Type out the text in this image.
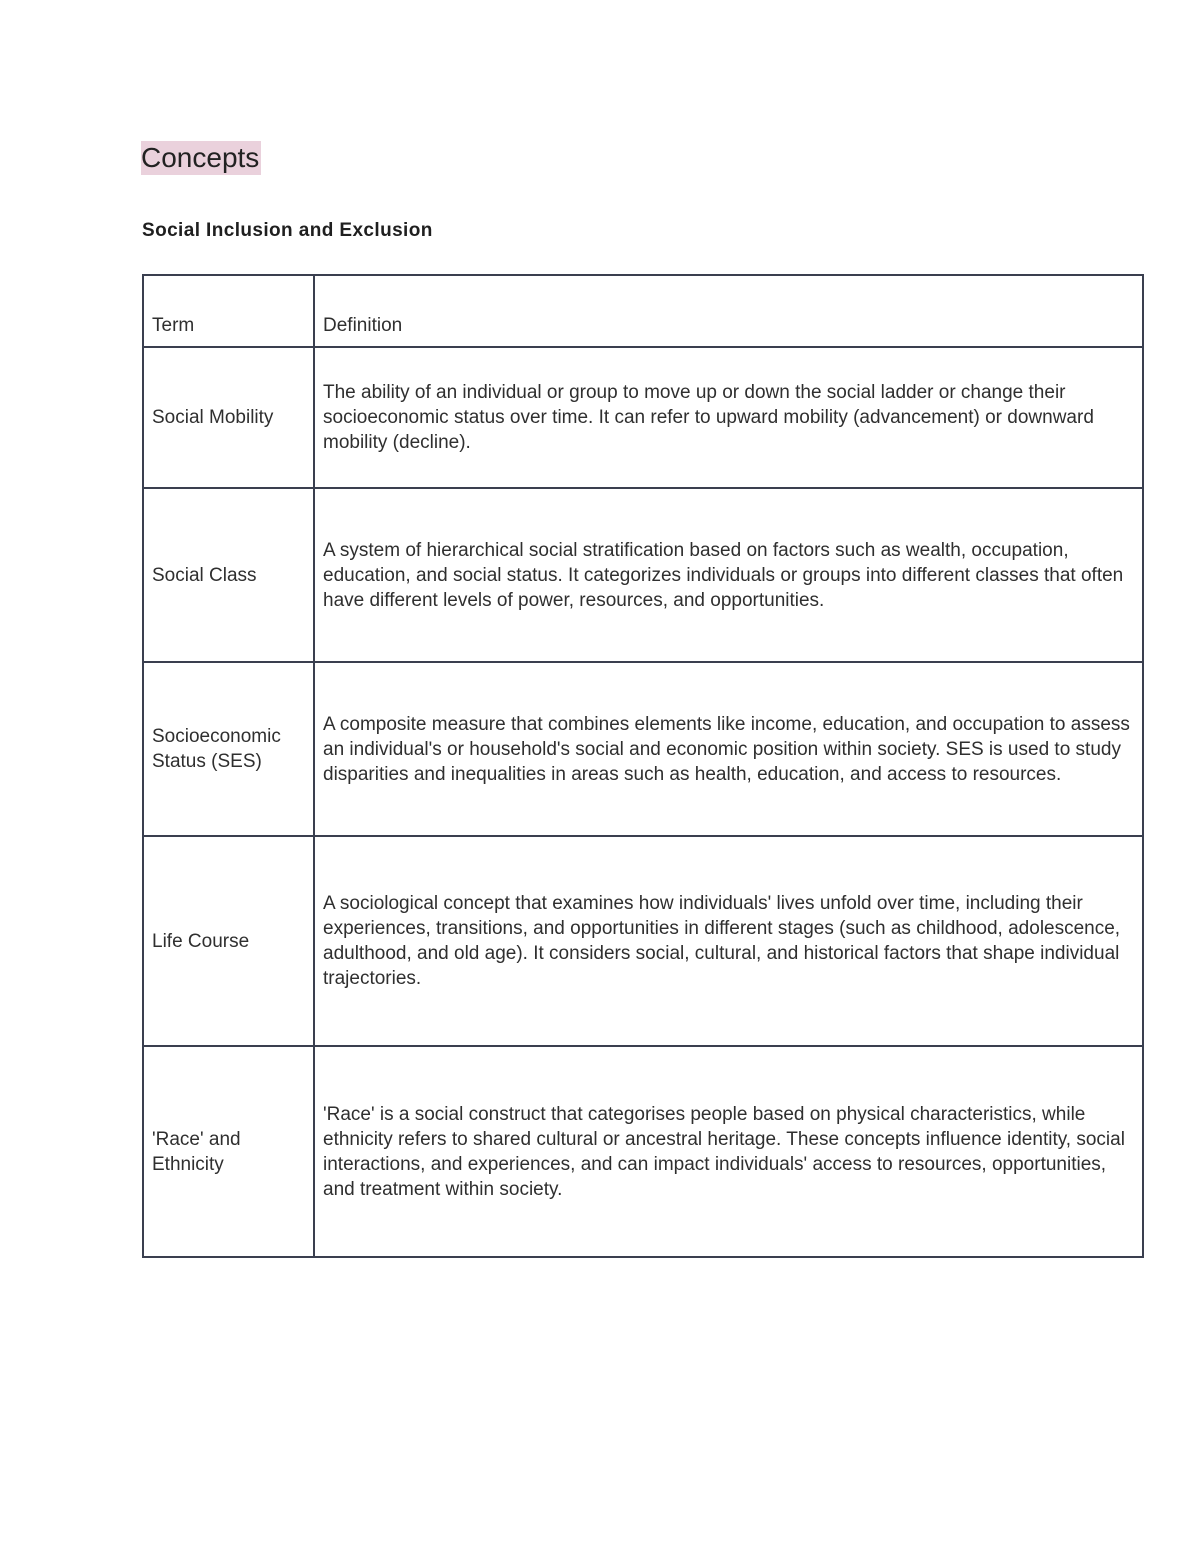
Concepts
Social Inclusion and Exclusion
Term	Definition
Social Mobility	The ability of an individual or group to move up or down the social ladder or change their socioeconomic status over time. It can refer to upward mobility (advancement) or downward mobility (decline).
Social Class	A system of hierarchical social stratification based on factors such as wealth, occupation, education, and social status. It categorizes individuals or groups into different classes that often have different levels of power, resources, and opportunities.
Socioeconomic Status (SES)	A composite measure that combines elements like income, education, and occupation to assess an individual's or household's social and economic position within society. SES is used to study disparities and inequalities in areas such as health, education, and access to resources.
Life Course	A sociological concept that examines how individuals' lives unfold over time, including their experiences, transitions, and opportunities in different stages (such as childhood, adolescence, adulthood, and old age). It considers social, cultural, and historical factors that shape individual trajectories.
'Race' and Ethnicity	'Race' is a social construct that categorises people based on physical characteristics, while ethnicity refers to shared cultural or ancestral heritage. These concepts influence identity, social interactions, and experiences, and can impact individuals' access to resources, opportunities, and treatment within society.
